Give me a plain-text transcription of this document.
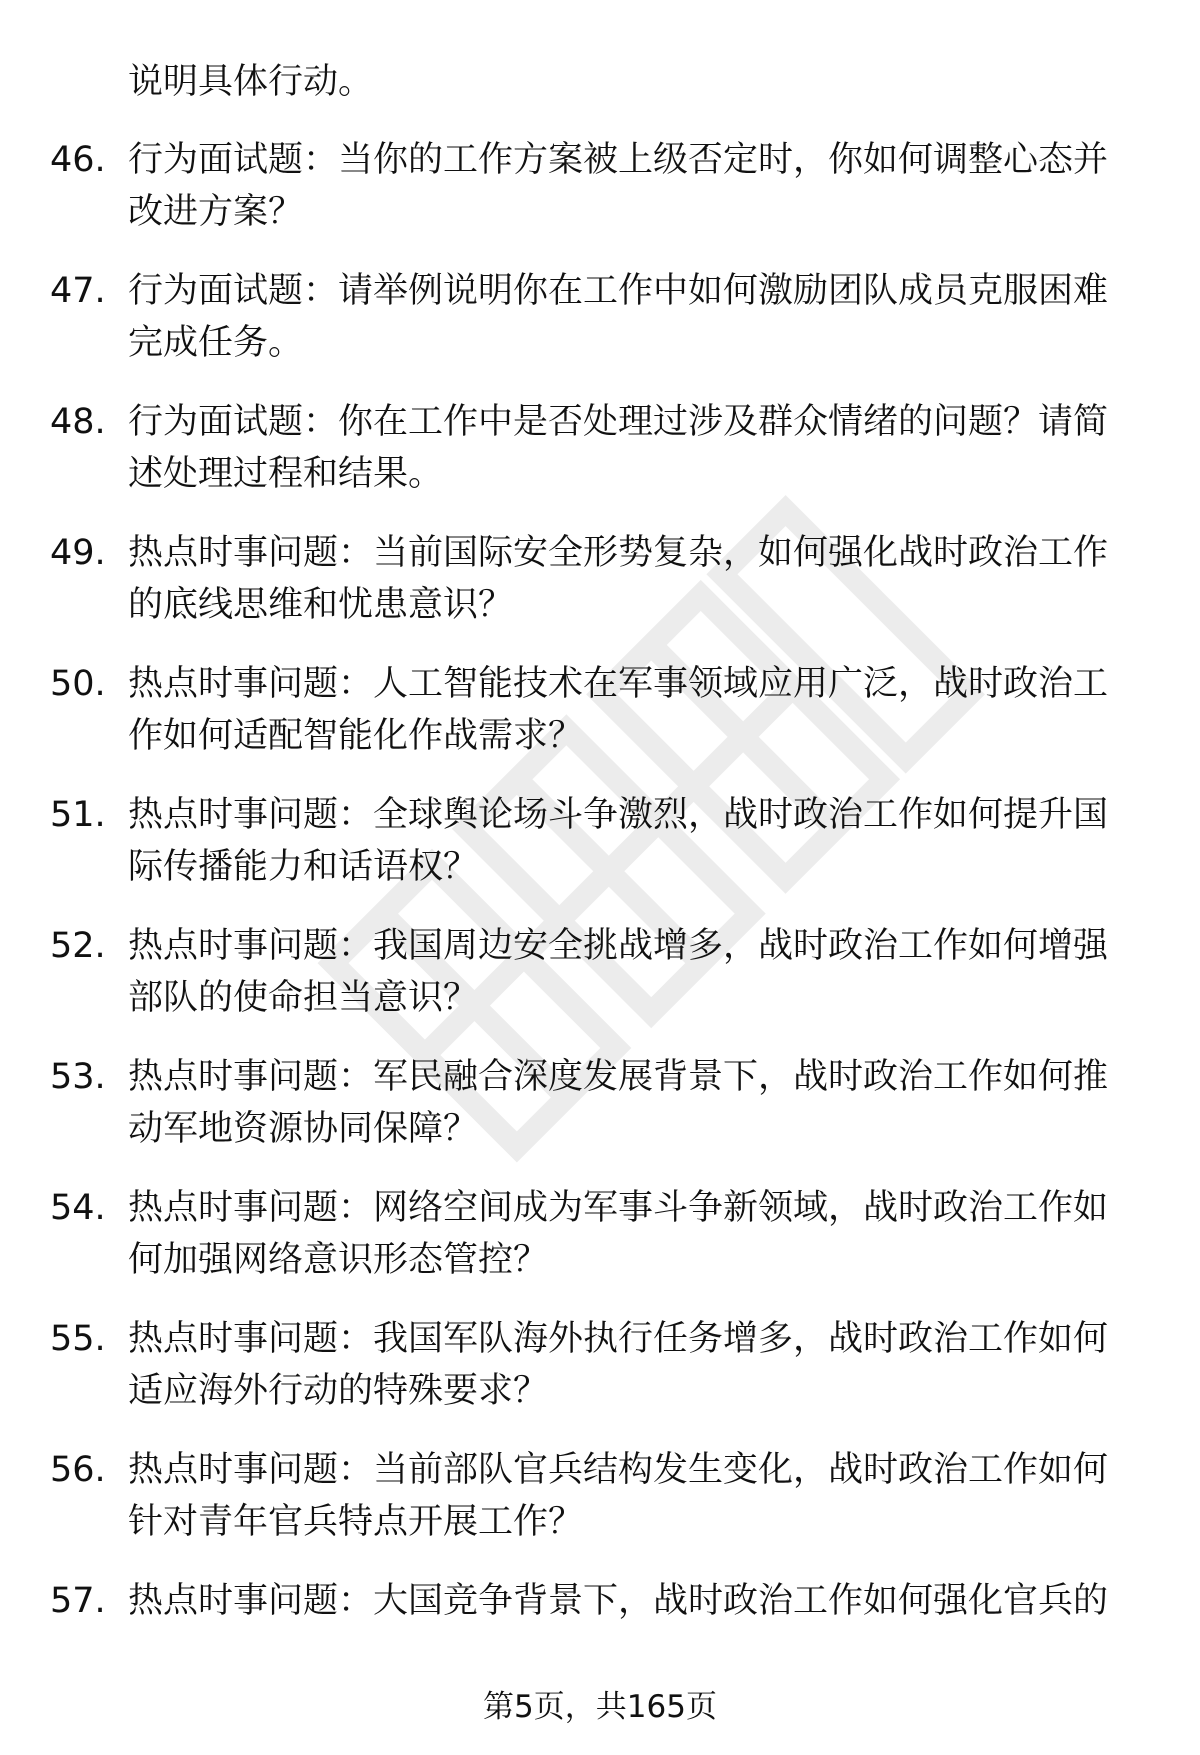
说明具体行动。
46. 行为面试题：当你的工作方案被上级否定时，你如何调整心态并
改进方案？
47. 行为面试题：请举例说明你在工作中如何激励团队成员克服困难
完成任务。
48. 行为面试题：你在工作中是否处理过涉及群众情绪的问题？请简
述处理过程和结果。
49. 热点时事问题：当前国际安全形势复杂，如何强化战时政治工作
的底线思维和忧患意识？
50. 热点时事问题：人工智能技术在军事领域应用广泛，战时政治工
作如何适配智能化作战需求？
51. 热点时事问题：全球舆论场斗争激烈，战时政治工作如何提升国
际传播能力和话语权？
52. 热点时事问题：我国周边安全挑战增多，战时政治工作如何增强
部队的使命担当意识？
53. 热点时事问题：军民融合深度发展背景下，战时政治工作如何推
动军地资源协同保障？
54. 热点时事问题：网络空间成为军事斗争新领域，战时政治工作如
何加强网络意识形态管控？
55. 热点时事问题：我国军队海外执行任务增多，战时政治工作如何
适应海外行动的特殊要求？
56. 热点时事问题：当前部队官兵结构发生变化，战时政治工作如何
针对青年官兵特点开展工作？
57. 热点时事问题：大国竞争背景下，战时政治工作如何强化官兵的
第5页，共165页
